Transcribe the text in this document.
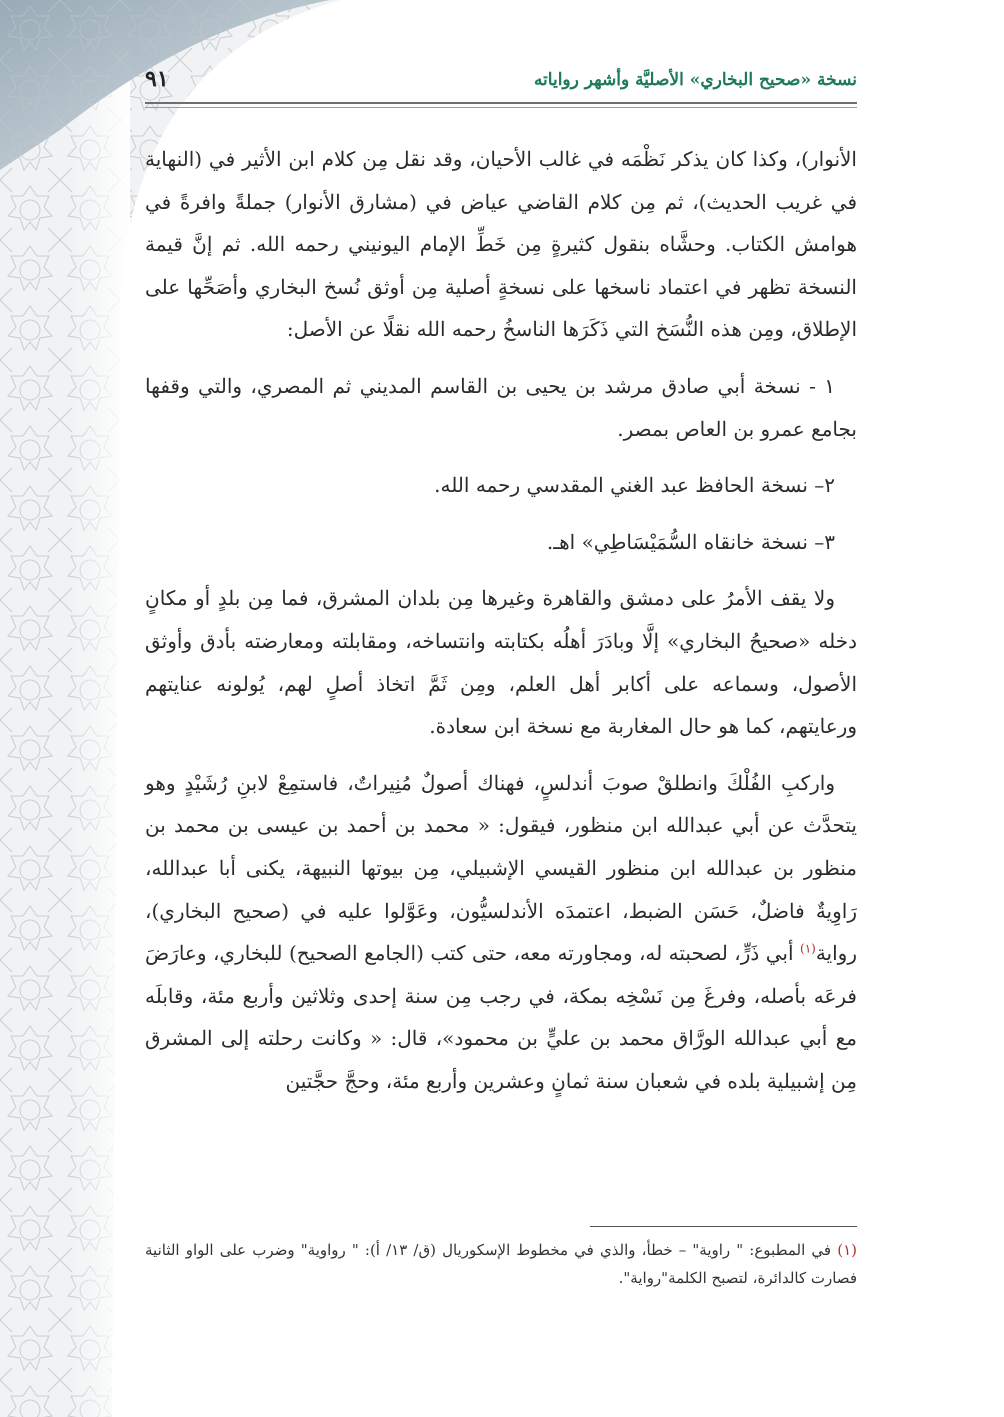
نسخة «صحيح البخاري» الأصليَّة وأشهر رواياته
٩١

الأنوار)، وكذا كان يذكر نَظْمَه في غالب الأحيان، وقد نقل مِن كلام ابن الأثير في (النهاية في غريب الحديث)، ثم مِن كلام القاضي عياض في (مشارق الأنوار) جملةً وافرةً في هوامش الكتاب. وحشَّاه بنقول كثيرةٍ مِن خَطِّ الإمام اليونيني رحمه الله. ثم إنَّ قيمة النسخة تظهر في اعتماد ناسخها على نسخةٍ أصلية مِن أوثق نُسخ البخاري وأصَحِّها على الإطلاق، ومِن هذه النُّسَخ التي ذَكَرَها الناسخُ رحمه الله نقلًا عن الأصل:

١ - نسخة أبي صادق مرشد بن يحيى بن القاسم المديني ثم المصري، والتي وقفها بجامع عمرو بن العاص بمصر.

٢– نسخة الحافظ عبد الغني المقدسي رحمه الله.

٣– نسخة خانقاه السُّمَيْسَاطِي» اهـ.

ولا يقف الأمرُ على دمشق والقاهرة وغيرها مِن بلدان المشرق، فما مِن بلدٍ أو مكانٍ دخله «صحيحُ البخاري» إلَّا وبادَرَ أهلُه بكتابته وانتساخه، ومقابلته ومعارضته بأدق وأوثق الأصول، وسماعه على أكابر أهل العلم، ومِن ثَمَّ اتخاذ أصلٍ لهم، يُولونه عنايتهم ورعايتهم، كما هو حال المغاربة مع نسخة ابن سعادة.

واركبِ الفُلْكَ وانطلقْ صوبَ أندلسٍ، فهناك أصولٌ مُنِيراتٌ، فاستمِعْ لابنِ رُشَيْدٍ وهو يتحدَّث عن أبي عبدالله ابن منظور، فيقول: « محمد بن أحمد بن عيسى بن محمد بن منظور بن عبدالله ابن منظور القيسي الإشبيلي، مِن بيوتها النبيهة، يكنى أبا عبدالله، رَاوِيةٌ فاضلٌ، حَسَن الضبط، اعتمدَه الأندلسيُّون، وعَوَّلوا عليه في (صحيح البخاري)، رواية$^{(١)}$ أبي ذَرٍّ، لصحبته له، ومجاورته معه، حتى كتب (الجامع الصحيح) للبخاري، وعارَضَ فرعَه بأصله، وفرغَ مِن نَسْخِه بمكة، في رجب مِن سنة إحدى وثلاثين وأربع مئة، وقابلَه مع أبي عبدالله الورَّاق محمد بن عليٍّ بن محمود»، قال: « وكانت رحلته إلى المشرق مِن إشبيلية بلده في شعبان سنة ثمانٍ وعشرين وأربع مئة، وحجَّ حجَّتين

(١) في المطبوع: " راوية" – خطأ، والذي في مخطوط الإسكوريال (ق/ ١٣/ أ): " رواوية" وضرب على الواو الثانية فصارت كالدائرة، لتصبح الكلمة"رواية".
